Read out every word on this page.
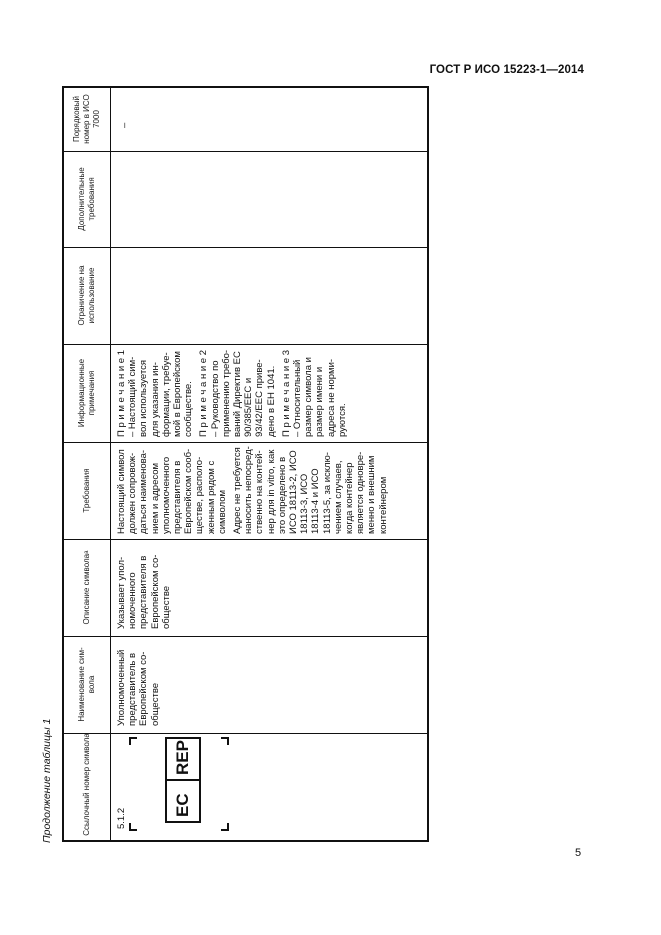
ГОСТ Р ИСО 15223-1—2014
Продолжение таблицы 1	Ссылочный номер символа
Наименование сим-вола
Описание символа
a
Требования
Информационные примечания
Ограничение на использование
Дополнительные требования
Порядковый номер в ИСО 7000
5.1.2
Уполномоченный представитель в Европейском со-обществе
Указывает упол-номоченного представителя в Европейском со-обществе

Настоящий символ должен сопровож-даться наименова-нием и адресом уполномоченного представителя в Европейском сооб-ществе, располо-женным рядом с символом Адрес не требуется наносить непосред-ственно на контей-нер для in vitro, как это определено в ИСО 18113-2, ИСО 18113-3, ИСО 18113-4 и ИСО 18113-5, за исклю-чением случаев, когда контейнер является одновре-менно и внешним контейнером

П р и м е ч а н и е 1 – Настоящий сим-вол используется для указания ин-формации, требуе-мой в Европейском сообществе. П р и м е ч а н и е 2 – Руководство по применению требо-ваний Директив ЕС 90/385/ЕЕС и 93/42/ЕЕС приве-дено в ЕН 1041. П р и м е ч а н и е 3 – Относительный размер символа и размер имени и адреса не норми-руются.

–
EC
REP
5
